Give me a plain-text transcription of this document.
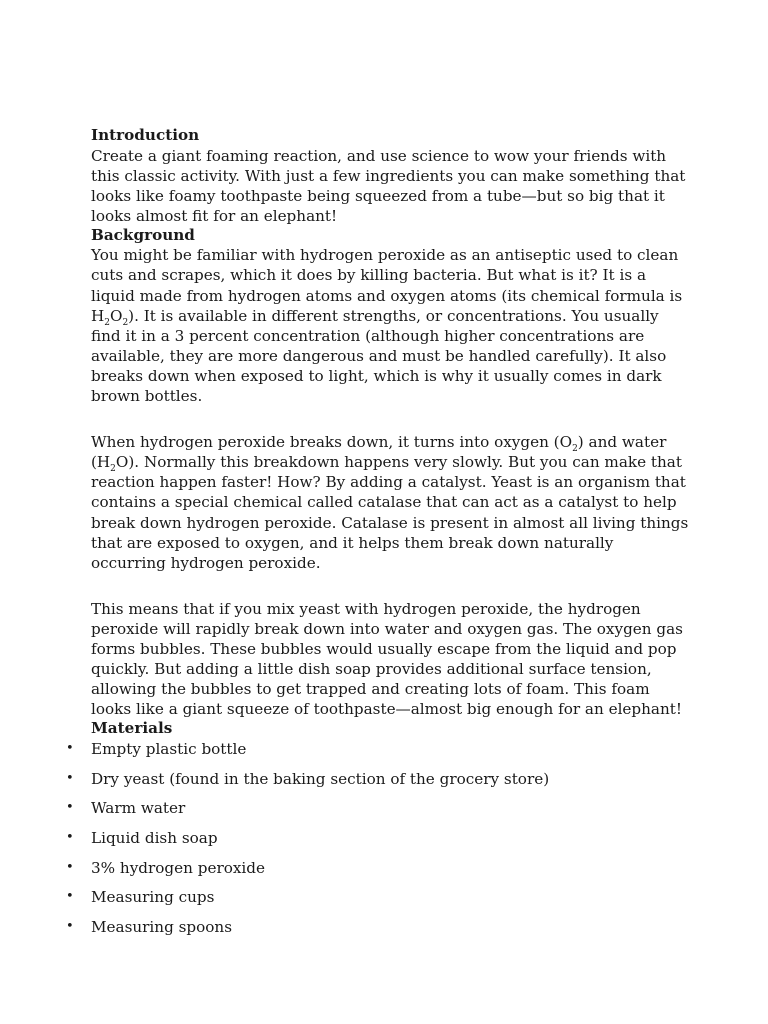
Introduction

Create a giant foaming reaction, and use science to wow your friends with this classic activity. With just a few ingredients you can make something that looks like foamy toothpaste being squeezed from a tube—but so big that it looks almost fit for an elephant!

Background

You might be familiar with hydrogen peroxide as an antiseptic used to clean cuts and scrapes, which it does by killing bacteria. But what is it? It is a liquid made from hydrogen atoms and oxygen atoms (its chemical formula is $H_2O_2$). It is available in different strengths, or concentrations. You usually find it in a 3 percent concentration (although higher concentrations are available, they are more dangerous and must be handled carefully). It also breaks down when exposed to light, which is why it usually comes in dark brown bottles.

When hydrogen peroxide breaks down, it turns into oxygen $(O_2)$ and water $(H_2O)$. Normally this breakdown happens very slowly. But you can make that reaction happen faster! How? By adding a catalyst. Yeast is an organism that contains a special chemical called catalase that can act as a catalyst to help break down hydrogen peroxide. Catalase is present in almost all living things that are exposed to oxygen, and it helps them break down naturally occurring hydrogen peroxide.

This means that if you mix yeast with hydrogen peroxide, the hydrogen peroxide will rapidly break down into water and oxygen gas. The oxygen gas forms bubbles. These bubbles would usually escape from the liquid and pop quickly. But adding a little dish soap provides additional surface tension, allowing the bubbles to get trapped and creating lots of foam. This foam looks like a giant squeeze of toothpaste—almost big enough for an elephant!

Materials
• Empty plastic bottle
• Dry yeast (found in the baking section of the grocery store)
• Warm water
• Liquid dish soap
• 3% hydrogen peroxide
• Measuring cups
• Measuring spoons
